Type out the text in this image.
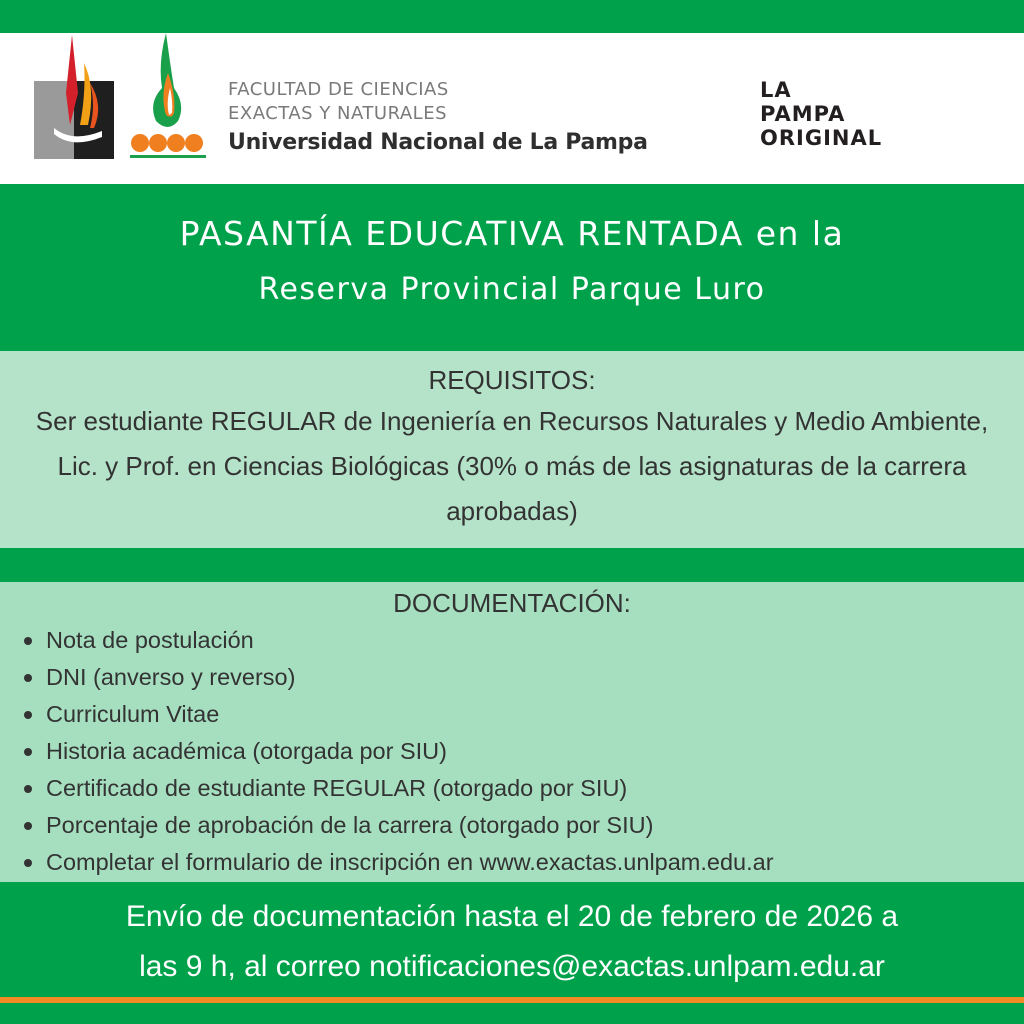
FACULTAD DE CIENCIAS
EXACTAS Y NATURALES
Universidad Nacional de La Pampa
LA
PAMPA
ORIGINAL
PASANTÍA EDUCATIVA RENTADA en la
Reserva Provincial Parque Luro
REQUISITOS:
Ser estudiante REGULAR de Ingeniería en Recursos Naturales y Medio Ambiente, Lic. y Prof. en Ciencias Biológicas (30% o más de las asignaturas de la carrera aprobadas)
DOCUMENTACIÓN:
Nota de postulación
DNI (anverso y reverso)
Curriculum Vitae
Historia académica (otorgada por SIU)
Certificado de estudiante REGULAR (otorgado por SIU)
Porcentaje de aprobación de la carrera (otorgado por SIU)
Completar el formulario de inscripción en www.exactas.unlpam.edu.ar
Envío de documentación hasta el 20 de febrero de 2026 a
las 9 h, al correo notificaciones@exactas.unlpam.edu.ar
